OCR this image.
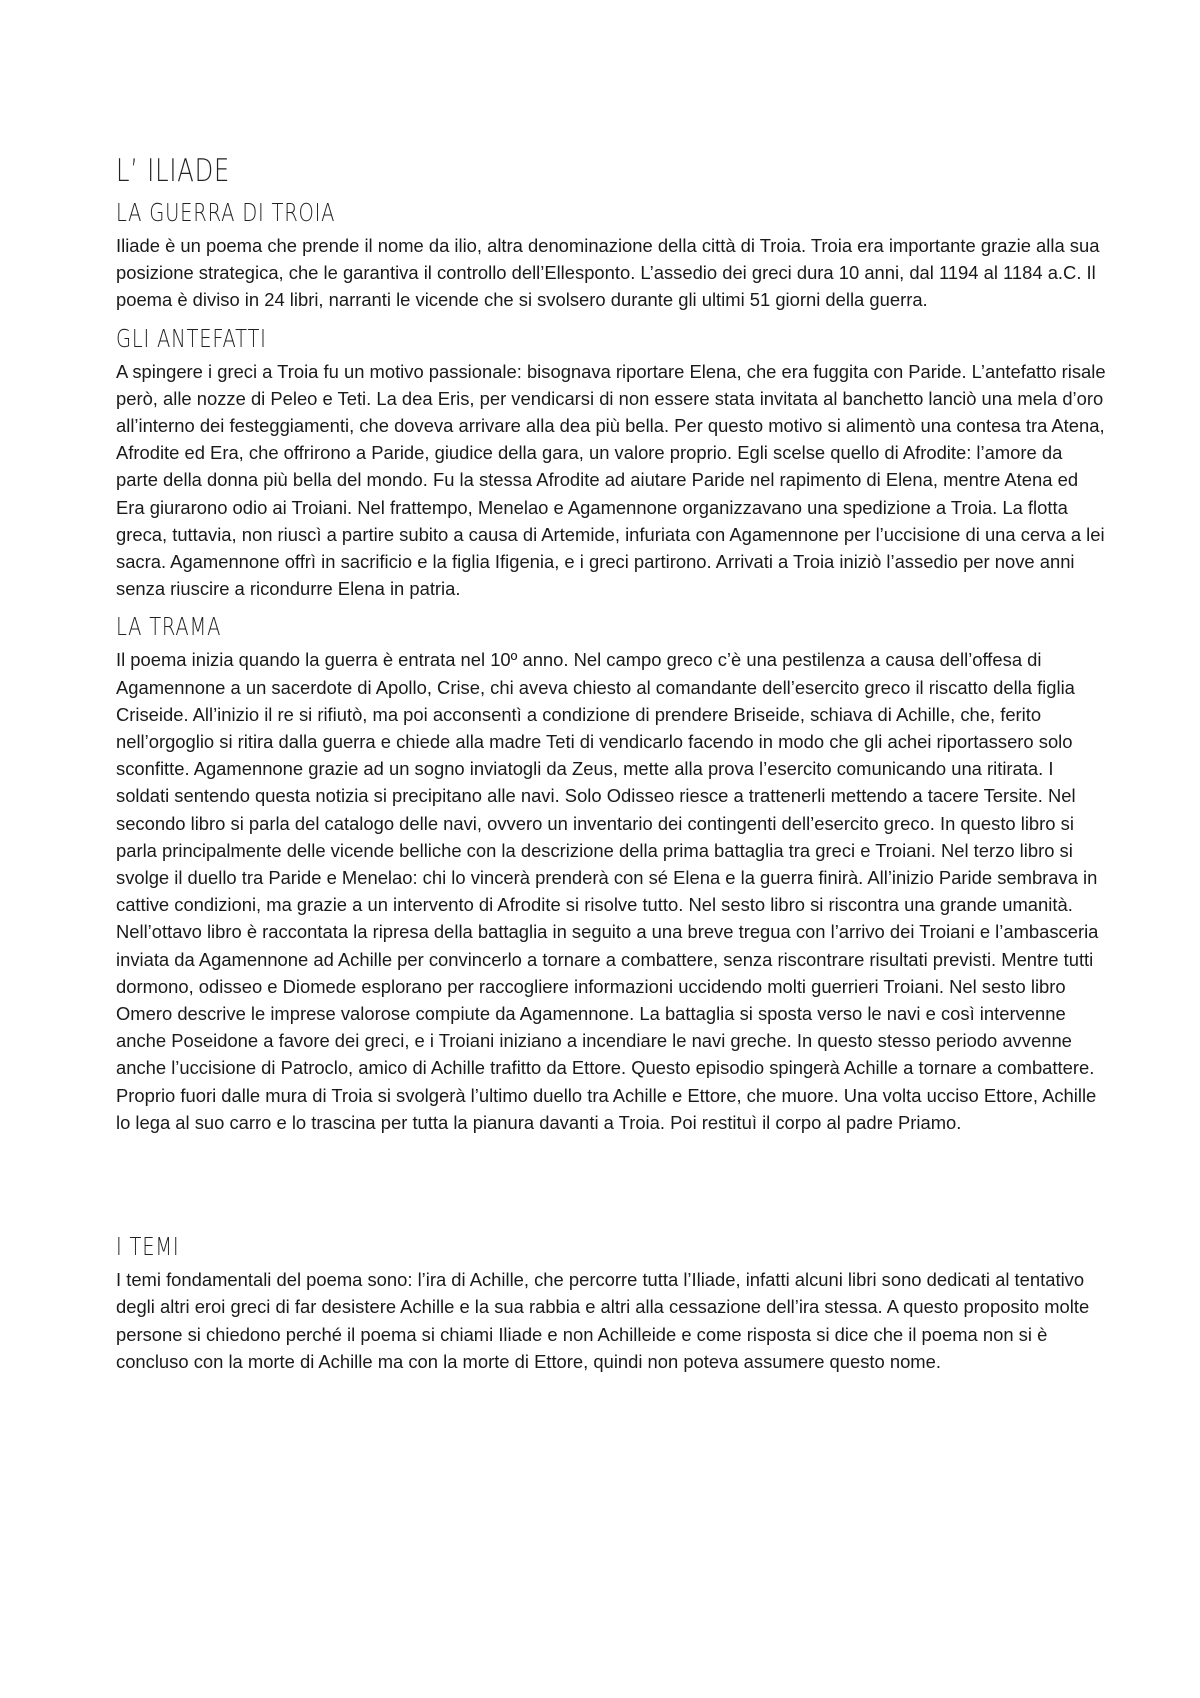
L’ ILIADE
LA GUERRA DI TROIA

Iliade è un poema che prende il nome da ilio, altra denominazione della città di Troia. Troia era importante grazie alla sua posizione strategica, che le garantiva il controllo dell’Ellesponto. L’assedio dei greci dura 10 anni, dal 1194 al 1184 a.C. Il poema è diviso in 24 libri, narranti le vicende che si svolsero durante gli ultimi 51 giorni della guerra.

GLI ANTEFATTI

A spingere i greci a Troia fu un motivo passionale: bisognava riportare Elena, che era fuggita con Paride. L’antefatto risale però, alle nozze di Peleo e Teti. La dea Eris, per vendicarsi di non essere stata invitata al banchetto lanciò una mela d’oro all’interno dei festeggiamenti, che doveva arrivare alla dea più bella. Per questo motivo si alimentò una contesa tra Atena, Afrodite ed Era, che offrirono a Paride, giudice della gara, un valore proprio. Egli scelse quello di Afrodite: l’amore da parte della donna più bella del mondo. Fu la stessa Afrodite ad aiutare Paride nel rapimento di Elena, mentre Atena ed Era giurarono odio ai Troiani. Nel frattempo, Menelao e Agamennone organizzavano una spedizione a Troia. La flotta greca, tuttavia, non riuscì a partire subito a causa di Artemide, infuriata con Agamennone per l’uccisione di una cerva a lei sacra. Agamennone offrì in sacrificio e la figlia Ifigenia, e i greci partirono. Arrivati a Troia iniziò l’assedio per nove anni senza riuscire a ricondurre Elena in patria.

LA TRAMA

Il poema inizia quando la guerra è entrata nel 10º anno. Nel campo greco c’è una pestilenza a causa dell’offesa di Agamennone a un sacerdote di Apollo, Crise, chi aveva chiesto al comandante dell’esercito greco il riscatto della figlia Criseide. All’inizio il re si rifiutò, ma poi acconsentì a condizione di prendere Briseide, schiava di Achille, che, ferito nell’orgoglio si ritira dalla guerra e chiede alla madre Teti di vendicarlo facendo in modo che gli achei riportassero solo sconfitte. Agamennone grazie ad un sogno inviatogli da Zeus, mette alla prova l’esercito comunicando una ritirata. I soldati sentendo questa notizia si precipitano alle navi. Solo Odisseo riesce a trattenerli mettendo a tacere Tersite. Nel secondo libro si parla del catalogo delle navi, ovvero un inventario dei contingenti dell’esercito greco. In questo libro si parla principalmente delle vicende belliche con la descrizione della prima battaglia tra greci e Troiani. Nel terzo libro si svolge il duello tra Paride e Menelao: chi lo vincerà prenderà con sé Elena e la guerra finirà. All’inizio Paride sembrava in cattive condizioni, ma grazie a un intervento di Afrodite si risolve tutto. Nel sesto libro si riscontra una grande umanità. Nell’ottavo libro è raccontata la ripresa della battaglia in seguito a una breve tregua con l’arrivo dei Troiani e l’ambasceria inviata da Agamennone ad Achille per convincerlo a tornare a combattere, senza riscontrare risultati previsti. Mentre tutti dormono, odisseo e Diomede esplorano per raccogliere informazioni uccidendo molti guerrieri Troiani. Nel sesto libro Omero descrive le imprese valorose compiute da Agamennone. La battaglia si sposta verso le navi e così intervenne anche Poseidone a favore dei greci, e i Troiani iniziano a incendiare le navi greche. In questo stesso periodo avvenne anche l’uccisione di Patroclo, amico di Achille trafitto da Ettore. Questo episodio spingerà Achille a tornare a combattere. Proprio fuori dalle mura di Troia si svolgerà l’ultimo duello tra Achille e Ettore, che muore. Una volta ucciso Ettore, Achille lo lega al suo carro e lo trascina per tutta la pianura davanti a Troia. Poi restituì il corpo al padre Priamo.

I TEMI

I temi fondamentali del poema sono: l’ira di Achille, che percorre tutta l’Iliade, infatti alcuni libri sono dedicati al tentativo degli altri eroi greci di far desistere Achille e la sua rabbia e altri alla cessazione dell’ira stessa. A questo proposito molte persone si chiedono perché il poema si chiami Iliade e non Achilleide e come risposta si dice che il poema non si è concluso con la morte di Achille ma con la morte di Ettore, quindi non poteva assumere questo nome.
